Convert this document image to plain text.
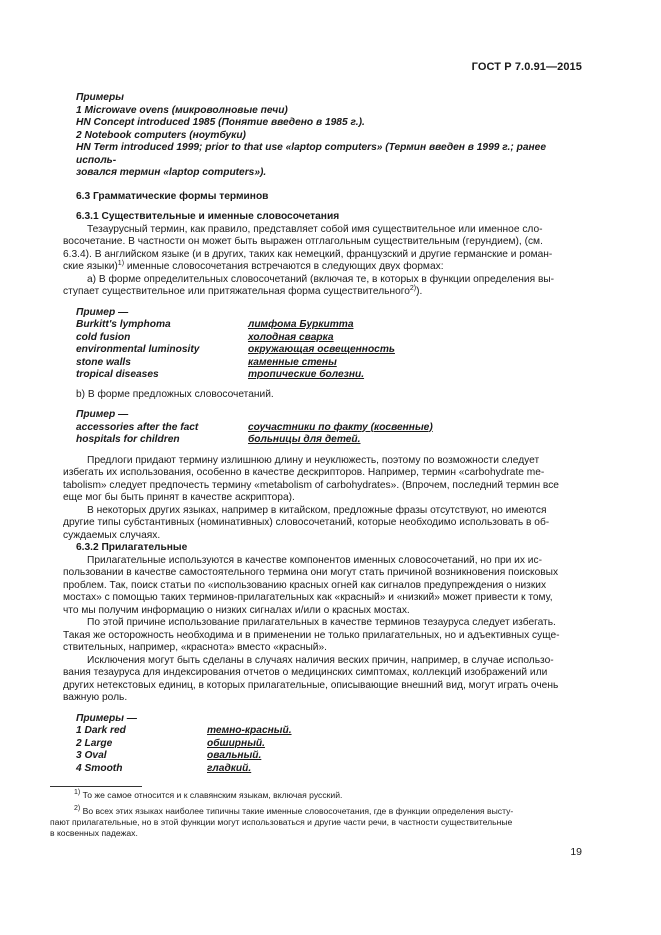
ГОСТ Р 7.0.91—2015

Примеры

1 Microwave ovens (микроволновые печи)

HN Concept introduced 1985 (Понятие введено в 1985 г.).

2 Notebook computers (ноутбуки)

HN Term introduced 1999; prior to that use «laptop computers» (Термин введен в 1999 г.; ранее исполь-

зовался термин «laptop computers»).

6.3 Грамматические формы терминов
6.3.1 Существительные и именные словосочетания
Тезаурусный термин, как правило, представляет собой имя существительное или именное сло-
восочетание. В частности он может быть выражен отглагольным существительным (герундием), (см.
6.3.4). В английском языке (и в других, таких как немецкий, французский и другие германские и роман-
ские языки)$^{1)}$ именные словосочетания встречаются в следующих двух формах:
а) В форме определительных словосочетаний (включая те, в которых в функции определения вы-
ступает существительное или притяжательная форма существительного$^{2)}$).
Пример —
Burkitt's lymphoma	лимфома Буркитта
cold fusion	холодная сварка
environmental luminosity	окружающая освещенность
stone walls	каменные стены
tropical diseases	тропические болезни.
b) В форме предложных словосочетаний.
Пример —
accessories after the fact	соучастники по факту (косвенные)
hospitals for children	больницы для детей.
Предлоги придают термину излишнюю длину и неуклюжесть, поэтому по возможности следует
избегать их использования, особенно в качестве дескрипторов. Например, термин «carbohydrate me-
tabolism» следует предпочесть термину «metabolism of carbohydrates». (Впрочем, последний термин все
еще мог бы быть принят в качестве аскриптора).
В некоторых других языках, например в китайском, предложные фразы отсутствуют, но имеются
другие типы субстантивных (номинативных) словосочетаний, которые необходимо использовать в об-
суждаемых случаях.
6.3.2 Прилагательные
Прилагательные используются в качестве компонентов именных словосочетаний, но при их ис-
пользовании в качестве самостоятельного термина они могут стать причиной возникновения поисковых
проблем. Так, поиск статьи по «использованию красных огней как сигналов предупреждения о низких
мостах» с помощью таких терминов-прилагательных как «красный» и «низкий» может привести к тому,
что мы получим информацию о низких сигналах и/или о красных мостах.
По этой причине использование прилагательных в качестве терминов тезауруса следует избегать.
Такая же осторожность необходима и в применении не только прилагательных, но и адъективных суще-
ствительных, например, «краснота» вместо «красный».
Исключения могут быть сделаны в случаях наличия веских причин, например, в случае использо-
вания тезауруса для индексирования отчетов о медицинских симптомах, коллекций изображений или
других нетекстовых единиц, в которых прилагательные, описывающие внешний вид, могут играть очень
важную роль.
Примеры —
1 Dark red	темно-красный.
2 Large	обширный.
3 Oval	овальный.
4 Smooth	гладкий.
$^{1)}$ То же самое относится и к славянским языкам, включая русский.
$^{2)}$ Во всех этих языках наиболее типичны такие именные словосочетания, где в функции определения высту-
пают прилагательные, но в этой функции могут использоваться и другие части речи, в частности существительные
в косвенных падежах.
19
